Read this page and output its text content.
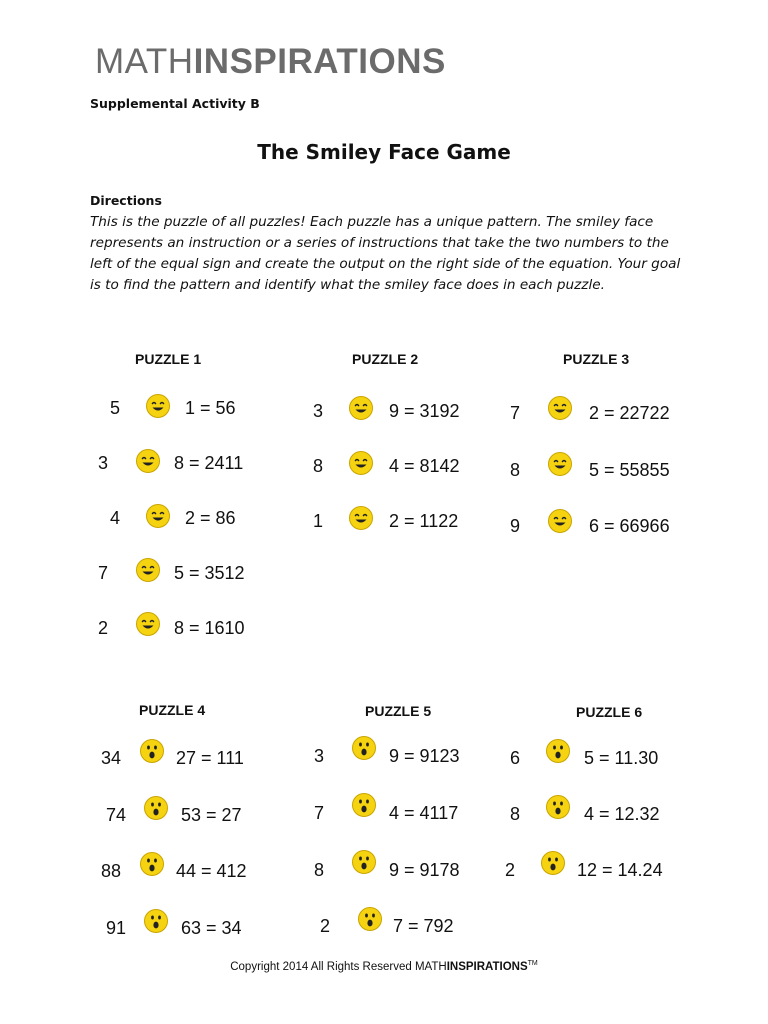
MATHINSPIRATIONS
Supplemental Activity B
The Smiley Face Game
Directions
This is the puzzle of all puzzles! Each puzzle has a unique pattern. The smiley face represents an instruction or a series of instructions that take the two numbers to the left of the equal sign and create the output on the right side of the equation. Your goal is to find the pattern and identify what the smiley face does in each puzzle.
PUZZLE 1	PUZZLE 2	PUZZLE 3
PUZZLE 4	PUZZLE 5	PUZZLE 6
5	1 = 56
3	8 = 2411
4	2 = 86
7	5 = 3512
2	8 = 1610
3	9 = 3192
8	4 = 8142
1	2 = 1122
7	2 = 22722
8	5 = 55855
9	6 = 66966
34	27 = 111
74	53 = 27
88	44 = 412
91	63 = 34
3	9 = 9123
7	4 = 4117
8	9 = 9178
2	7 = 792
6	5 = 11.30
8	4 = 12.32
2	12 = 14.24
Copyright 2014 All Rights Reserved MATHINSPIRATIONS™
